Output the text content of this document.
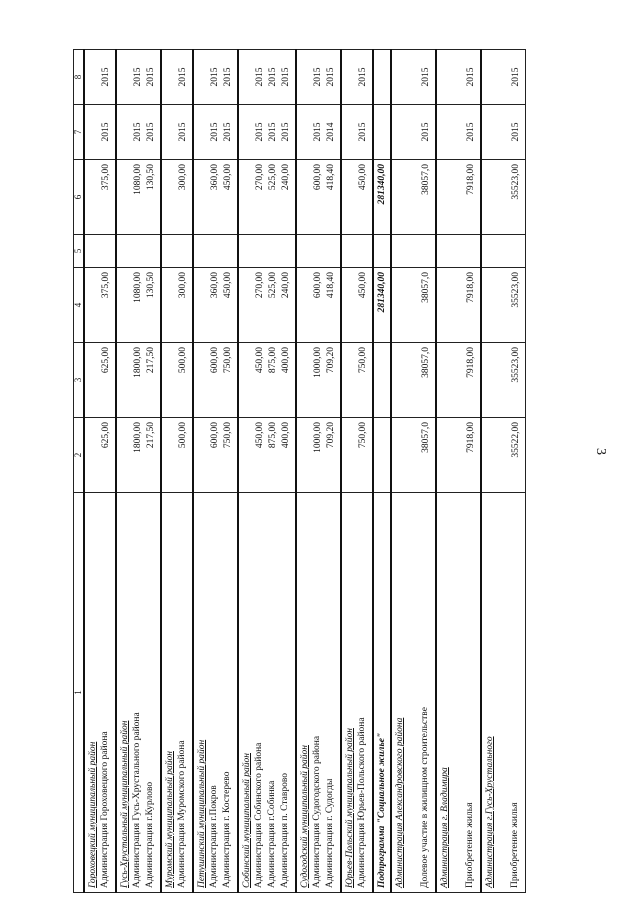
3
1	2	3	4	5	6	7	8

Гороховецкий муниципальный район Администрация Гороховецкого района	625,00	625,00	375,00		375,00	2015	2015

Гусь-Хрустальный муниципальный район Администрация Гусь-Хрустального района Администрация г.Курлово	1800,00 217,50	1800,00 217,50	1080,00 130,50		1080,00 130,50	2015 2015	2015 2015

Муромский муниципальный район Администрация Муромского района	500,00	500,00	300,00		300,00	2015	2015

Петушинский муниципальный район Администрация г.Покров Администрация г. Костерево	600,00 750,00	600,00 750,00	360,00 450,00		360,00 450,00	2015 2015	2015 2015

Собинский муниципальный район Администрация Собинского района Администрация г.Собинка Администрация п. Ставрово	450,00 875,00 400,00	450,00 875,00 400,00	270,00 525,00 240,00		270,00 525,00 240,00	2015 2015 2015	2015 2015 2015

Судогодский муниципальный район Администрация Судогодского района Администрация г. Судогды	1000,00 709,20	1000,00 709,20	600,00 418,40		600,00 418,40	2015 2014	2015 2015

Юрьев-Польский муниципальный район Администрация Юрьев-Польского района	750,00	750,00	450,00		450,00	2015	2015

Подпрограмма "Социальное жилье"			281340,00		281340,00		

Администрация Александровского района Долевое участие в жилищном строительстве	38057,0	38057,0	38057,0		38057,0	2015	2015

Администрация г. Владимира Приобретение жилья	7918,00	7918,00	7918,00		7918,00	2015	2015

Администрация г.Гусь-Хрустального Приобретение жилья	35522,00	35523,00	35523,00		35523,00	2015	2015
